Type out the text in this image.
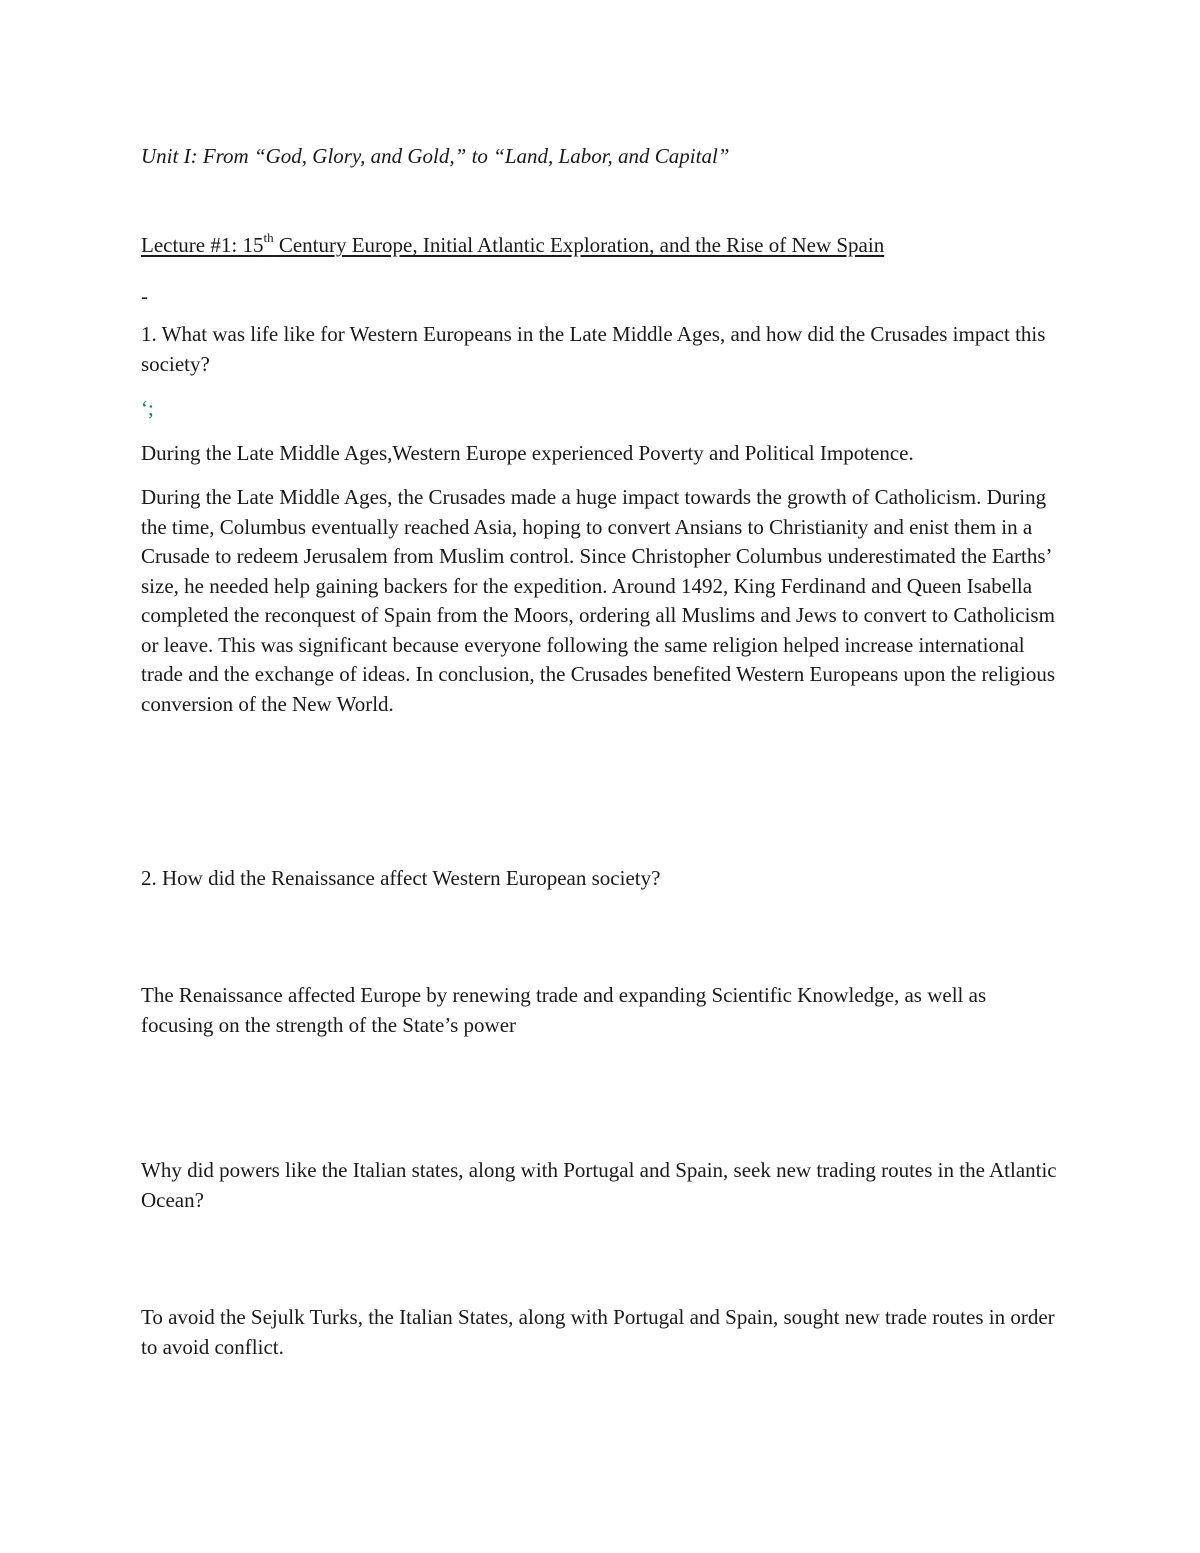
Unit I: From “God, Glory, and Gold,” to “Land, Labor, and Capital”

Lecture #1: 15th Century Europe, Initial Atlantic Exploration, and the Rise of New Spain

-

1. What was life like for Western Europeans in the Late Middle Ages, and how did the Crusades impact this society?

‘;

During the Late Middle Ages,Western Europe experienced Poverty and Political Impotence.

During the Late Middle Ages, the Crusades made a huge impact towards the growth of Catholicism. During the time, Columbus eventually reached Asia, hoping to convert Ansians to Christianity and enist them in a Crusade to redeem Jerusalem from Muslim control. Since Christopher Columbus underestimated the Earths’ size, he needed help gaining backers for the expedition. Around 1492, King Ferdinand and Queen Isabella completed the reconquest of Spain from the Moors, ordering all Muslims and Jews to convert to Catholicism or leave. This was significant because everyone following the same religion helped increase international trade and the exchange of ideas. In conclusion, the Crusades benefited Western Europeans upon the religious conversion of the New World.

2. How did the Renaissance affect Western European society?

The Renaissance affected Europe by renewing trade and expanding Scientific Knowledge, as well as focusing on the strength of the State’s power

Why did powers like the Italian states, along with Portugal and Spain, seek new trading routes in the Atlantic Ocean?

To avoid the Sejulk Turks, the Italian States, along with Portugal and Spain, sought new trade routes in order to avoid conflict.
